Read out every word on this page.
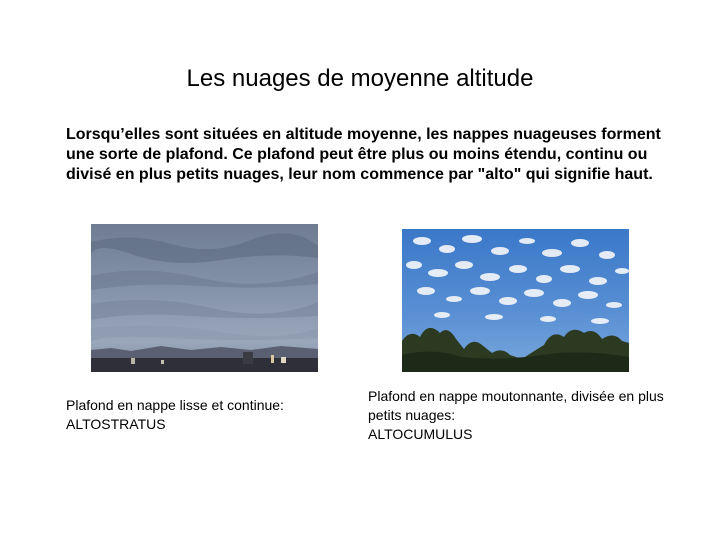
Les nuages de moyenne altitude

Lorsqu’elles sont situées en altitude moyenne, les nappes nuageuses forment une sorte de plafond. Ce plafond peut être plus ou moins étendu, continu ou divisé en plus petits nuages, leur nom commence par "alto" qui signifie haut.

Plafond en nappe lisse et continue:
ALTOSTRATUS
Plafond en nappe moutonnante, divisée en plus petits nuages:
ALTOCUMULUS
